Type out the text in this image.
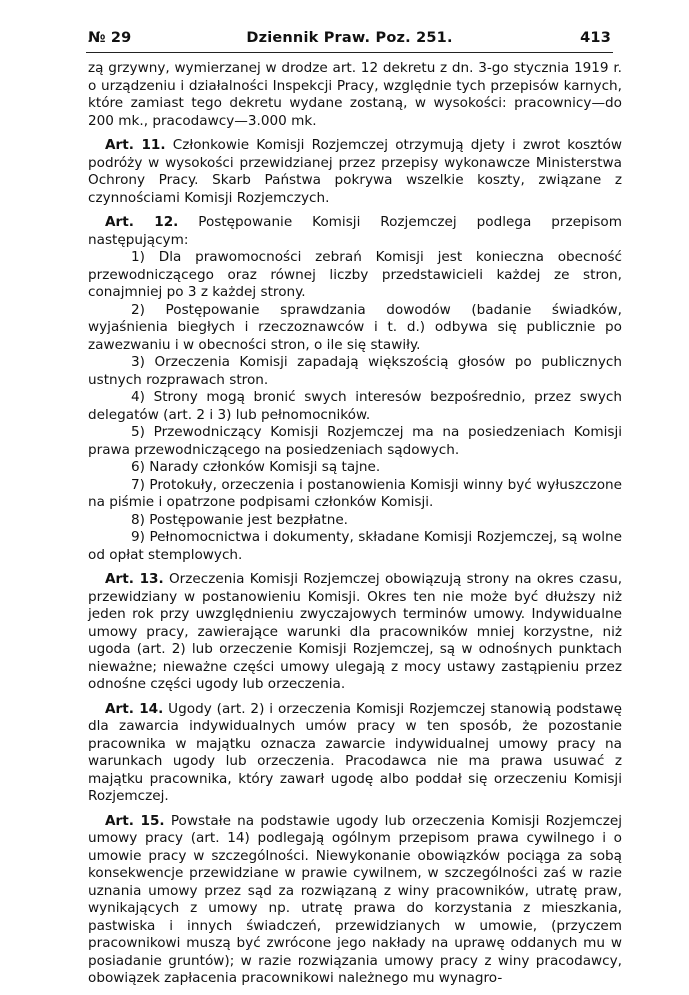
№ 29	Dziennik Praw. Poz. 251.	413

zą grzywny, wymierzanej w drodze art. 12 dekretu z dn. 3-go stycznia 1919 r. o urządzeniu i działalności Inspekcji Pracy, względnie tych przepisów karnych, które zamiast tego dekretu wydane zostaną, w wysokości: pracownicy—do 200 mk., pracodawcy—3.000 mk.

Art. 11. Członkowie Komisji Rozjemczej otrzymują djety i zwrot kosztów podróży w wysokości przewidzianej przez przepisy wykonawcze Ministerstwa Ochrony Pracy. Skarb Państwa pokrywa wszelkie koszty, związane z czynnościami Komisji Rozjemczych.

Art. 12. Postępowanie Komisji Rozjemczej podlega przepisom następującym:

1) Dla prawomocności zebrań Komisji jest konieczna obecność przewodniczącego oraz równej liczby przedstawicieli każdej ze stron, conajmniej po 3 z każdej strony.

2) Postępowanie sprawdzania dowodów (badanie świadków, wyjaśnienia biegłych i rzeczoznawców i t. d.) odbywa się publicznie po zawezwaniu i w obecności stron, o ile się stawiły.

3) Orzeczenia Komisji zapadają większością głosów po publicznych ustnych rozprawach stron.

4) Strony mogą bronić swych interesów bezpośrednio, przez swych delegatów (art. 2 i 3) lub pełnomocników.

5) Przewodniczący Komisji Rozjemczej ma na posiedzeniach Komisji prawa przewodniczącego na posiedzeniach sądowych.

6) Narady członków Komisji są tajne.

7) Protokuły, orzeczenia i postanowienia Komisji winny być wyłuszczone na piśmie i opatrzone podpisami członków Komisji.

8) Postępowanie jest bezpłatne.

9) Pełnomocnictwa i dokumenty, składane Komisji Rozjemczej, są wolne od opłat stemplowych.

Art. 13. Orzeczenia Komisji Rozjemczej obowiązują strony na okres czasu, przewidziany w postanowieniu Komisji. Okres ten nie może być dłuższy niż jeden rok przy uwzględnieniu zwyczajowych terminów umowy. Indywidualne umowy pracy, zawierające warunki dla pracowników mniej korzystne, niż ugoda (art. 2) lub orzeczenie Komisji Rozjemczej, są w odnośnych punktach nieważne; nieważne części umowy ulegają z mocy ustawy zastąpieniu przez odnośne części ugody lub orzeczenia.

Art. 14. Ugody (art. 2) i orzeczenia Komisji Rozjemczej stanowią podstawę dla zawarcia indywidualnych umów pracy w ten sposób, że pozostanie pracownika w majątku oznacza zawarcie indywidualnej umowy pracy na warunkach ugody lub orzeczenia. Pracodawca nie ma prawa usuwać z majątku pracownika, który zawarł ugodę albo poddał się orzeczeniu Komisji Rozjemczej.

Art. 15. Powstałe na podstawie ugody lub orzeczenia Komisji Rozjemczej umowy pracy (art. 14) podlegają ogólnym przepisom prawa cywilnego i o umowie pracy w szczególności. Niewykonanie obowiązków pociąga za sobą konsekwencje przewidziane w prawie cywilnem, w szczególności zaś w razie uznania umowy przez sąd za rozwiązaną z winy pracowników, utratę praw, wynikających z umowy np. utratę prawa do korzystania z mieszkania, pastwiska i innych świadczeń, przewidzianych w umowie, (przyczem pracownikowi muszą być zwrócone jego nakłady na uprawę oddanych mu w posiadanie gruntów); w razie rozwiązania umowy pracy z winy pracodawcy, obowiązek zapłacenia pracownikowi należnego mu wynagro-
